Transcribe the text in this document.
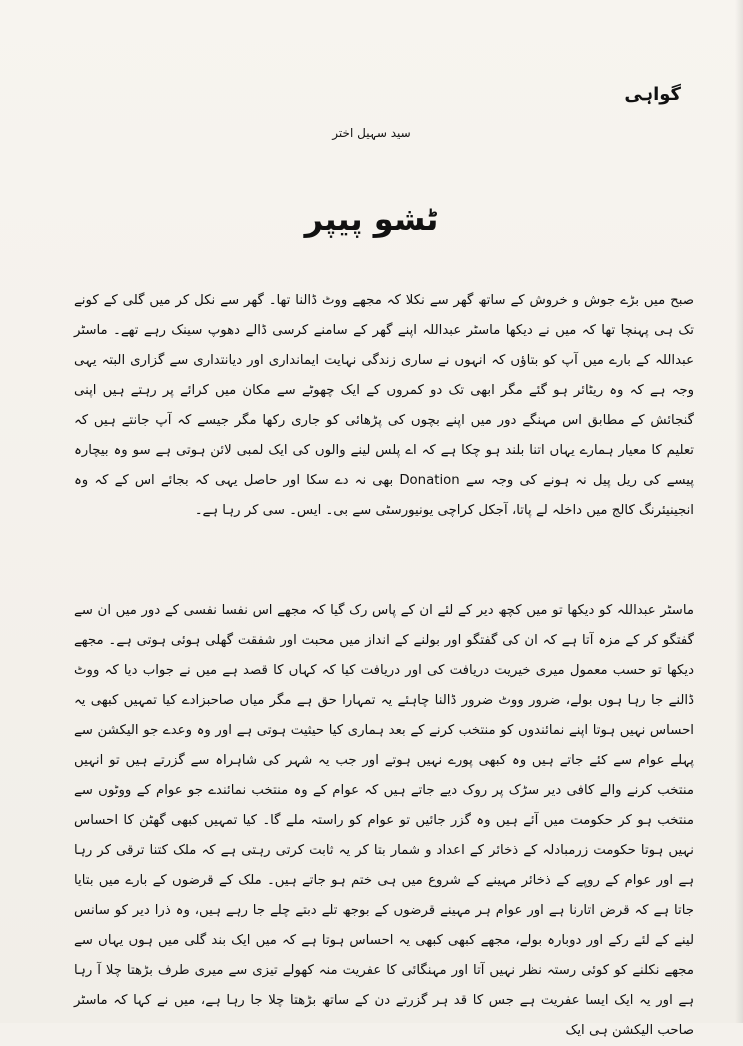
گواہی
سید سہیل اختر
ٹشو پیپر
صبح میں بڑے جوش و خروش کے ساتھ گھر سے نکلا کہ مجھے ووٹ ڈالنا تھا۔ گھر سے نکل کر میں گلی کے کونے تک ہی پہنچا تھا کہ میں نے دیکھا ماسٹر عبداللہ اپنے گھر کے سامنے کرسی ڈالے دھوپ سینک رہے تھے۔ ماسٹر عبداللہ کے بارے میں آپ کو بتاؤں کہ انہوں نے ساری زندگی نہایت ایمانداری اور دیانتداری سے گزاری البتہ یہی وجہ ہے کہ وہ ریٹائر ہو گئے مگر ابھی تک دو کمروں کے ایک چھوٹے سے مکان میں کرائے پر رہتے ہیں اپنی گنجائش کے مطابق اس مہنگے دور میں اپنے بچوں کی پڑھائی کو جاری رکھا مگر جیسے کہ آپ جانتے ہیں کہ تعلیم کا معیار ہمارے یہاں اتنا بلند ہو چکا ہے کہ اے پلس لینے والوں کی ایک لمبی لائن ہوتی ہے سو وہ بیچارہ پیسے کی ریل پیل نہ ہونے کی وجہ سے Donation بھی نہ دے سکا اور حاصل یہی کہ بجائے اس کے کہ وہ انجینیئرنگ کالج میں داخلہ لے پاتا، آجکل کراچی یونیورسٹی سے بی۔ ایس۔ سی کر رہا ہے۔
ماسٹر عبداللہ کو دیکھا تو میں کچھ دیر کے لئے ان کے پاس رک گیا کہ مجھے اس نفسا نفسی کے دور میں ان سے گفتگو کر کے مزہ آتا ہے کہ ان کی گفتگو اور بولنے کے انداز میں محبت اور شفقت گھلی ہوئی ہوتی ہے۔ مجھے دیکھا تو حسب معمول میری خیریت دریافت کی اور دریافت کیا کہ کہاں کا قصد ہے میں نے جواب دیا کہ ووٹ ڈالنے جا رہا ہوں بولے، ضرور ووٹ ضرور ڈالنا چاہئے یہ تمہارا حق ہے مگر میاں صاحبزادے کیا تمہیں کبھی یہ احساس نہیں ہوتا اپنے نمائندوں کو منتخب کرنے کے بعد ہماری کیا حیثیت ہوتی ہے اور وہ وعدے جو الیکشن سے پہلے عوام سے کئے جاتے ہیں وہ کبھی پورے نہیں ہوتے اور جب یہ شہر کی شاہراہ سے گزرتے ہیں تو انہیں منتخب کرنے والے کافی دیر سڑک پر روک دیے جاتے ہیں کہ عوام کے وہ منتخب نمائندے جو عوام کے ووٹوں سے منتخب ہو کر حکومت میں آئے ہیں وہ گزر جائیں تو عوام کو راستہ ملے گا۔ کیا تمہیں کبھی گھٹن کا احساس نہیں ہوتا حکومت زرمبادلہ کے ذخائر کے اعداد و شمار بتا کر یہ ثابت کرتی رہتی ہے کہ ملک کتنا ترقی کر رہا ہے اور عوام کے روپے کے ذخائر مہینے کے شروع میں ہی ختم ہو جاتے ہیں۔ ملک کے قرضوں کے بارے میں بتایا جاتا ہے کہ قرض اتارنا ہے اور عوام ہر مہینے قرضوں کے بوجھ تلے دبتے چلے جا رہے ہیں، وہ ذرا دیر کو سانس لینے کے لئے رکے اور دوبارہ بولے، مجھے کبھی کبھی یہ احساس ہوتا ہے کہ میں ایک بند گلی میں ہوں یہاں سے مجھے نکلنے کو کوئی رستہ نظر نہیں آتا اور مہنگائی کا عفریت منہ کھولے تیزی سے میری طرف بڑھتا چلا آ رہا ہے اور یہ ایک ایسا عفریت ہے جس کا قد ہر گزرتے دن کے ساتھ بڑھتا چلا جا رہا ہے، میں نے کہا کہ ماسٹر صاحب الیکشن ہی ایک
